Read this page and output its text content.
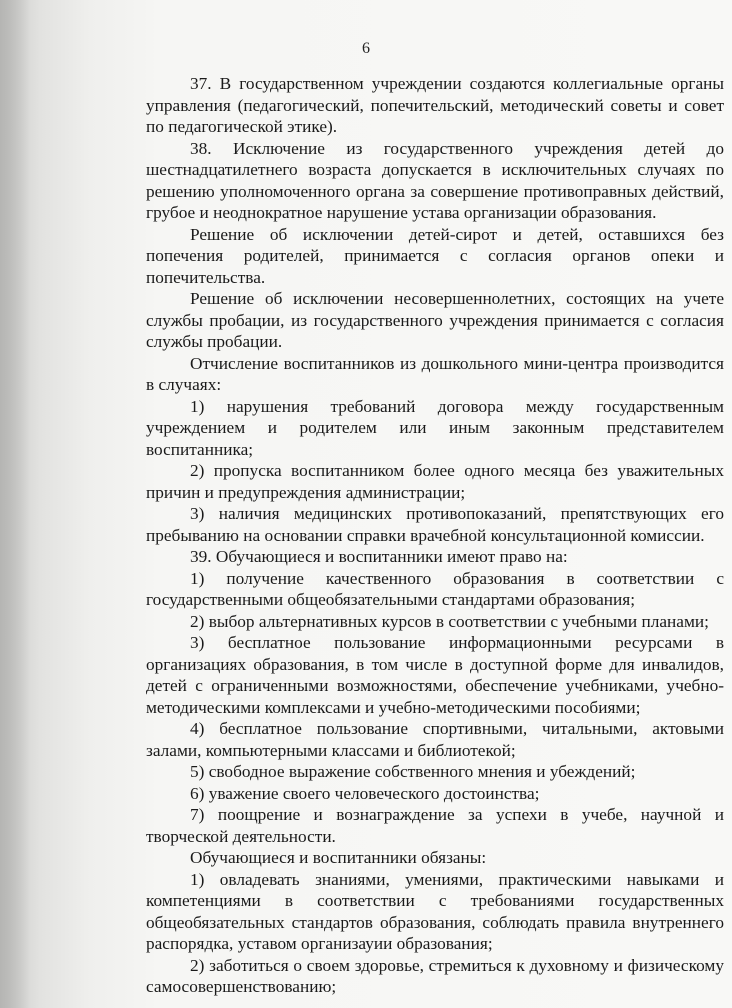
6

37. В государственном учреждении создаются коллегиальные органы управления (педагогический, попечительский, методический советы и совет по педагогической этике).

38. Исключение из государственного учреждения детей до шестнадцатилетнего возраста допускается в исключительных случаях по решению уполномоченного органа за совершение противоправных действий, грубое и неоднократное нарушение устава организации образования.

Решение об исключении детей-сирот и детей, оставшихся без попечения родителей, принимается с согласия органов опеки и попечительства.

Решение об исключении несовершеннолетних, состоящих на учете службы пробации, из государственного учреждения принимается с согласия службы пробации.

Отчисление воспитанников из дошкольного мини-центра производится в случаях:

1) нарушения требований договора между государственным учреждением и родителем или иным законным представителем воспитанника;

2) пропуска воспитанником более одного месяца без уважительных причин и предупреждения администрации;

3) наличия медицинских противопоказаний, препятствующих его пребыванию на основании справки врачебной консультационной комиссии.

39. Обучающиеся и воспитанники имеют право на:

1) получение качественного образования в соответствии с государственными общеобязательными стандартами образования;

2) выбор альтернативных курсов в соответствии с учебными планами;

3) бесплатное пользование информационными ресурсами в организациях образования, в том числе в доступной форме для инвалидов, детей с ограниченными возможностями, обеспечение учебниками, учебно-методическими комплексами и учебно-методическими пособиями;

4) бесплатное пользование спортивными, читальными, актовыми залами, компьютерными классами и библиотекой;

5) свободное выражение собственного мнения и убеждений;

6) уважение своего человеческого достоинства;

7) поощрение и вознаграждение за успехи в учебе, научной и творческой деятельности.

Обучающиеся и воспитанники обязаны:

1) овладевать знаниями, умениями, практическими навыками и компетенциями в соответствии с требованиями государственных общеобязательных стандартов образования, соблюдать правила внутреннего распорядка, уставом организауии образования;

2) заботиться о своем здоровье, стремиться к духовному и физическому самосовершенствованию;
